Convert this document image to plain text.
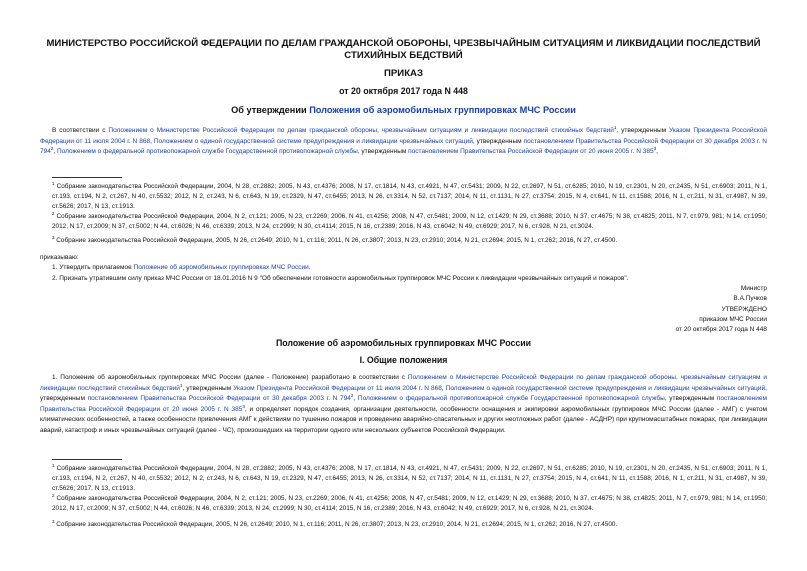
МИНИСТЕРСТВО РОССИЙСКОЙ ФЕДЕРАЦИИ ПО ДЕЛАМ ГРАЖДАНСКОЙ ОБОРОНЫ, ЧРЕЗВЫЧАЙНЫМ СИТУАЦИЯМ И ЛИКВИДАЦИИ ПОСЛЕДСТВИЙ СТИХИЙНЫХ БЕДСТВИЙ
ПРИКАЗ
от 20 октября 2017 года N 448
Об утверждении Положения об аэромобильных группировках МЧС России
В соответствии с Положением о Министерстве Российской Федерации по делам гражданской обороны, чрезвычайным ситуациям и ликвидации последствий стихийных бедствий$^1$, утвержденным Указом Президента Российской Федерации от 11 июля 2004 г. N 868, Положением о единой государственной системе предупреждения и ликвидации чрезвычайных ситуаций, утвержденным постановлением Правительства Российской Федерации от 30 декабря 2003 г. N $794^2$, Положением о федеральной противопожарной службе Государственной противопожарной службы, утвержденным постановлением Правительства Российской Федерации от 20 июня 2005 г. N $385^3$,
$^1$ Собрание законодательства Российской Федерации, 2004, N 28, ст.2882; 2005, N 43, ст.4376; 2008, N 17, ст.1814, N 43, ст.4921, N 47, ст.5431; 2009, N 22, ст.2697, N 51, ст.6285; 2010, N 19, ст.2301, N 20, ст.2435, N 51, ст.6903; 2011, N 1, ст.193, ст.194, N 2, ст.267, N 40, ст.5532; 2012, N 2, ст.243, N 6, ст.643, N 19, ст.2329, N 47, ст.6455; 2013, N 26, ст.3314, N 52, ст.7137; 2014, N 11, ст.1131, N 27, ст.3754; 2015, N 4, ст.641, N 11, ст.1588; 2016, N 1, ст.211, N 31, ст.4987, N 39, ст.5626; 2017, N 13, ст.1913.
$^2$ Собрание законодательства Российской Федерации, 2004, N 2, ст.121; 2005, N 23, ст.2269; 2006, N 41, ст.4256; 2008, N 47, ст.5481; 2009, N 12, ст.1429; N 29, ст.3688; 2010, N 37, ст.4675; N 38, ст.4825; 2011, N 7, ст.979, 981; N 14, ст.1950; 2012, N 17, ст.2009; N 37, ст.5002; N 44, ст.6026; N 46, ст.6339; 2013, N 24, ст.2999; N 30, ст.4114; 2015, N 16, ст.2389; 2016, N 43, ст.6042; N 49, ст.6929; 2017, N 6, ст.928, N 21, ст.3024.
$^3$ Собрание законодательства Российской Федерации, 2005, N 26, ст.2649; 2010, N 1, ст.116; 2011, N 26, ст.3807; 2013, N 23, ст.2910; 2014, N 21, ст.2694; 2015, N 1, ст.262; 2016, N 27, ст.4500.
приказываю:
1. Утвердить прилагаемое Положение об аэромобильных группировках МЧС России.
2. Признать утратившим силу приказ МЧС России от 18.01.2016 N 9 "Об обеспечении готовности аэромобильных группировок МЧС России к ликвидации чрезвычайных ситуаций и пожаров".
Министр
В.А.Пучков
УТВЕРЖДЕНО
приказом МЧС России
от 20 октября 2017 года N 448
Положение об аэромобильных группировках МЧС России
I. Общие положения
1. Положение об аэромобильных группировках МЧС России (далее - Положение) разработано в соответствии с Положением о Министерстве Российской Федерации по делам гражданской обороны, чрезвычайным ситуациям и ликвидации последствий стихийных бедствий$^1$, утвержденным Указом Президента Российской Федерации от 11 июля 2004 г. N 868, Положением о единой государственной системе предупреждения и ликвидации чрезвычайных ситуаций, утвержденным постановлением Правительства Российской Федерации от 30 декабря 2003 г. N $794^2$, Положением о федеральной противопожарной службе Государственной противопожарной службы, утвержденным постановлением Правительства Российской Федерации от 20 июня 2005 г. N $385^3$, и определяет порядок создания, организации деятельности, особенности оснащения и экипировки аэромобильных группировок МЧС России (далее - АМГ) с учетом климатических особенностей, а также особенности привлечения АМГ к действиям по тушению пожаров и проведению аварийно-спасательных и других неотложных работ (далее - АСДНР) при крупномасштабных пожарах, при ликвидации аварий, катастроф и иных чрезвычайных ситуаций (далее - ЧС), произошедших на территории одного или нескольких субъектов Российской Федерации.
$^1$ Собрание законодательства Российской Федерации, 2004, N 28, ст.2882; 2005, N 43, ст.4376; 2008, N 17, ст.1814, N 43, ст.4921, N 47, ст.5431; 2009, N 22, ст.2697, N 51, ст.6285; 2010, N 19, ст.2301, N 20, ст.2435, N 51, ст.6903; 2011, N 1, ст.193, ст.194, N 2, ст.267, N 40, ст.5532; 2012, N 2, ст.243, N 6, ст.643, N 19, ст.2329, N 47, ст.6455; 2013, N 26, ст.3314, N 52, ст.7137; 2014, N 11, ст.1131, N 27, ст.3754; 2015, N 4, ст.641, N 11, ст.1588; 2016, N 1, ст.211, N 31, ст.4987, N 39, ст.5626; 2017, N 13, ст.1913.
$^2$ Собрание законодательства Российской Федерации, 2004, N 2, ст.121; 2005, N 23, ст.2269; 2006, N 41, ст.4256; 2008, N 47, ст.5481; 2009, N 12, ст.1429; N 29, ст.3688; 2010, N 37, ст.4675; N 38, ст.4825; 2011, N 7, ст.979, 981; N 14, ст.1950; 2012, N 17, ст.2009; N 37, ст.5002; N 44, ст.6026; N 46, ст.6339; 2013, N 24, ст.2999; N 30, ст.4114; 2015, N 16, ст.2389; 2016, N 43, ст.6042; N 49, ст.6929; 2017, N 6, ст.928, N 21, ст.3024.
$^3$ Собрание законодательства Российской Федерации, 2005, N 26, ст.2649; 2010, N 1, ст.116; 2011, N 26, ст.3807; 2013, N 23, ст.2910; 2014, N 21, ст.2694; 2015, N 1, ст.262; 2016, N 27, ст.4500.
